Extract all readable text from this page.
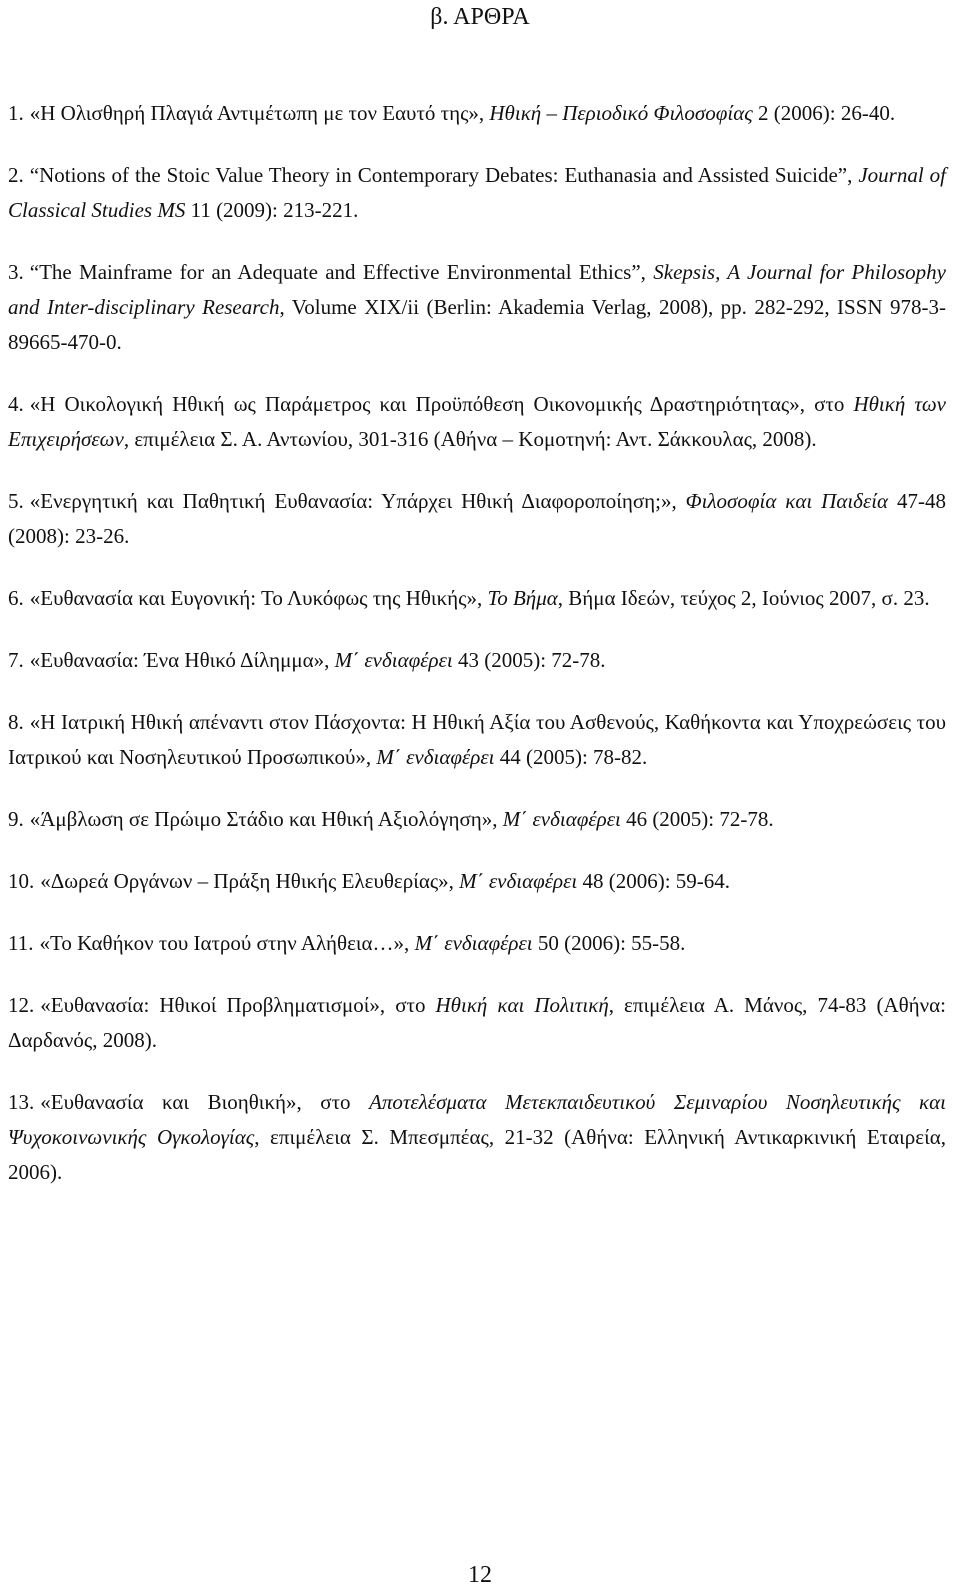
β. ΑΡΘΡΑ
1. «Η Ολισθηρή Πλαγιά Αντιμέτωπη με τον Εαυτό της», Ηθική – Περιοδικό Φιλοσοφίας 2 (2006): 26-40.
2. “Notions of the Stoic Value Theory in Contemporary Debates: Euthanasia and Assisted Suicide”, Journal of Classical Studies MS 11 (2009): 213-221.
3. “The Mainframe for an Adequate and Effective Environmental Ethics”, Skepsis, A Journal for Philosophy and Inter-disciplinary Research, Volume XIX/ii (Berlin: Akademia Verlag, 2008), pp. 282-292, ISSN 978-3-89665-470-0.
4. «Η Οικολογική Ηθική ως Παράμετρος και Προϋπόθεση Οικονομικής Δραστηριότητας», στο Ηθική των Επιχειρήσεων, επιμέλεια Σ. Α. Αντωνίου, 301-316 (Αθήνα – Κομοτηνή: Αντ. Σάκκουλας, 2008).
5. «Ενεργητική και Παθητική Ευθανασία: Υπάρχει Ηθική Διαφοροποίηση;», Φιλοσοφία και Παιδεία 47-48 (2008): 23-26.
6. «Ευθανασία και Ευγονική: Το Λυκόφως της Ηθικής», Το Βήμα, Βήμα Ιδεών, τεύχος 2, Ιούνιος 2007, σ. 23.
7. «Ευθανασία: Ένα Ηθικό Δίλημμα», Μ΄ ενδιαφέρει 43 (2005): 72-78.
8. «Η Ιατρική Ηθική απέναντι στον Πάσχοντα: Η Ηθική Αξία του Ασθενούς, Καθήκοντα και Υποχρεώσεις του Ιατρικού και Νοσηλευτικού Προσωπικού», Μ΄ ενδιαφέρει 44 (2005): 78-82.
9. «Άμβλωση σε Πρώιμο Στάδιο και Ηθική Αξιολόγηση», Μ΄ ενδιαφέρει 46 (2005): 72-78.
10. «Δωρεά Οργάνων – Πράξη Ηθικής Ελευθερίας», Μ΄ ενδιαφέρει 48 (2006): 59-64.
11. «Το Καθήκον του Ιατρού στην Αλήθεια…», Μ΄ ενδιαφέρει 50 (2006): 55-58.
12. «Ευθανασία: Ηθικοί Προβληματισμοί», στο Ηθική και Πολιτική, επιμέλεια Α. Μάνος, 74-83 (Αθήνα: Δαρδανός, 2008).
13. «Ευθανασία και Βιοηθική», στο Αποτελέσματα Μετεκπαιδευτικού Σεμιναρίου Νοσηλευτικής και Ψυχοκοινωνικής Ογκολογίας, επιμέλεια Σ. Μπεσμπέας, 21-32 (Αθήνα: Ελληνική Αντικαρκινική Εταιρεία, 2006).
12
